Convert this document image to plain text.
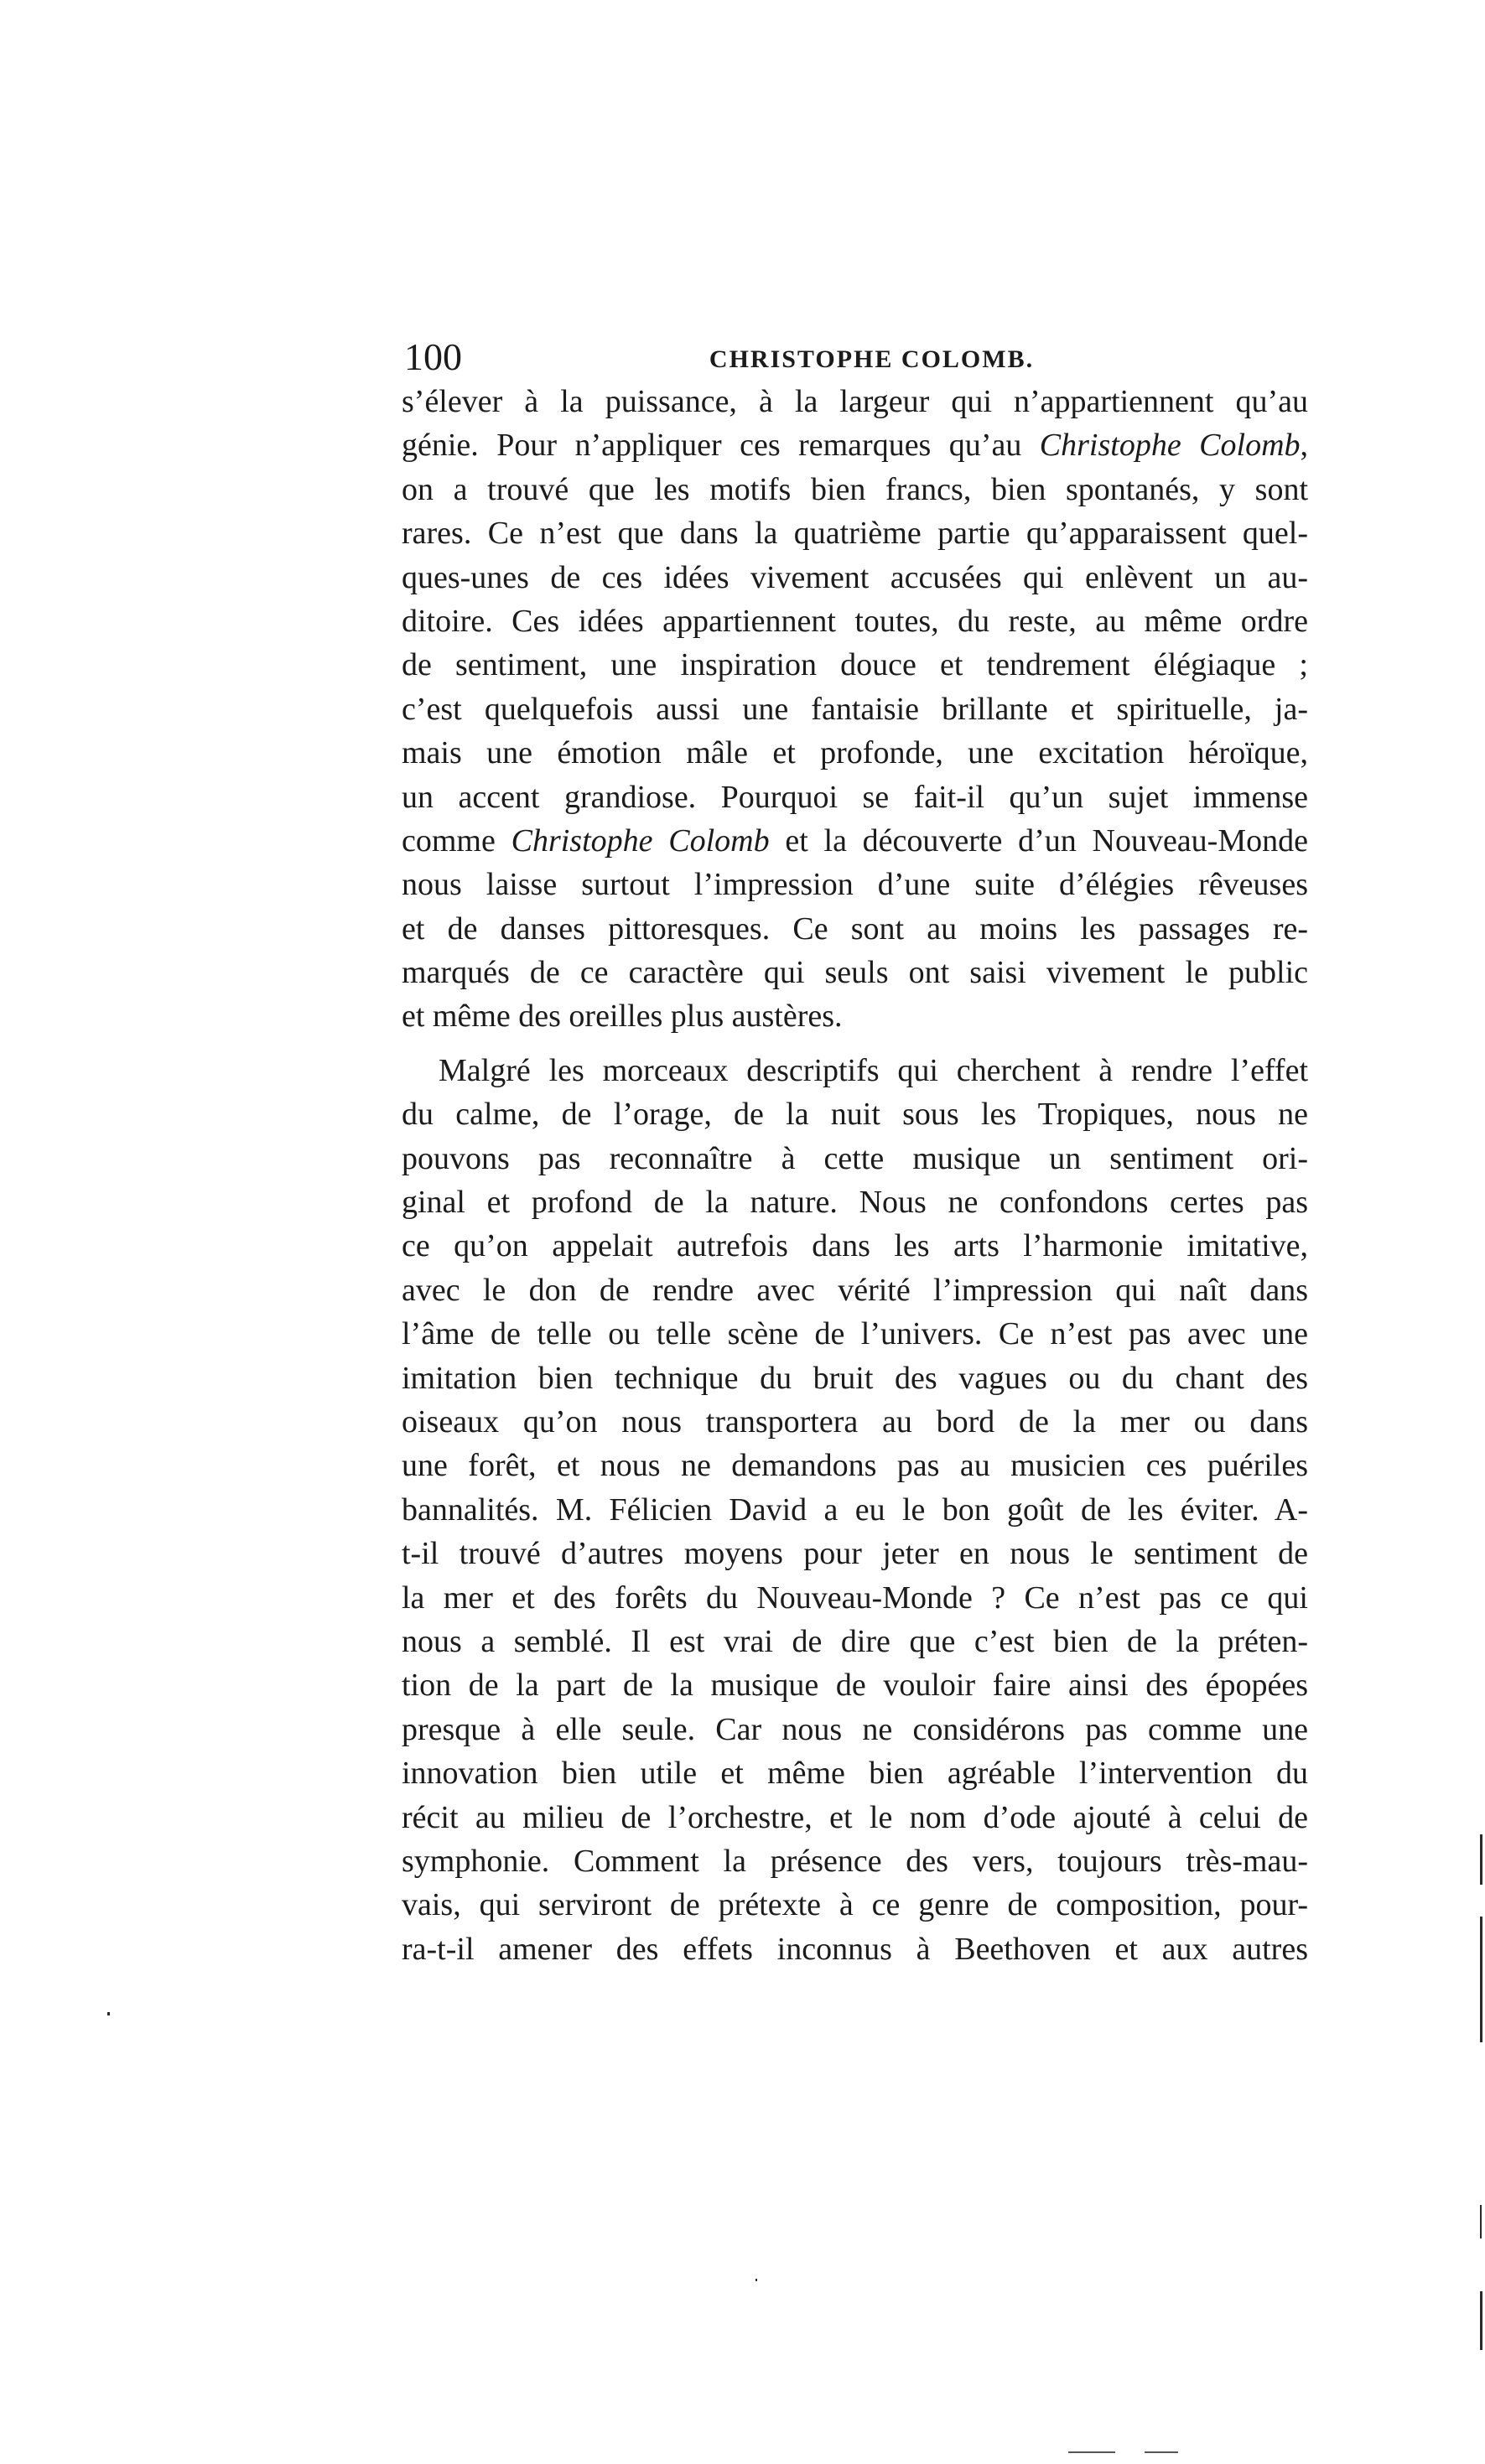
100	CHRISTOPHE COLOMB.
s’élever à la puissance, à la largeur qui n’appartiennent qu’au
génie. Pour n’appliquer ces remarques qu’au Christophe Colomb,
on a trouvé que les motifs bien francs, bien spontanés, y sont
rares. Ce n’est que dans la quatrième partie qu’apparaissent quel-
ques-unes de ces idées vivement accusées qui enlèvent un au-
ditoire. Ces idées appartiennent toutes, du reste, au même ordre
de sentiment, une inspiration douce et tendrement élégiaque ;
c’est quelquefois aussi une fantaisie brillante et spirituelle, ja-
mais une émotion mâle et profonde, une excitation héroïque,
un accent grandiose. Pourquoi se fait-il qu’un sujet immense
comme Christophe Colomb et la découverte d’un Nouveau-Monde
nous laisse surtout l’impression d’une suite d’élégies rêveuses
et de danses pittoresques. Ce sont au moins les passages re-
marqués de ce caractère qui seuls ont saisi vivement le public
et même des oreilles plus austères.
Malgré les morceaux descriptifs qui cherchent à rendre l’effet
du calme, de l’orage, de la nuit sous les Tropiques, nous ne
pouvons pas reconnaître à cette musique un sentiment ori-
ginal et profond de la nature. Nous ne confondons certes pas
ce qu’on appelait autrefois dans les arts l’harmonie imitative,
avec le don de rendre avec vérité l’impression qui naît dans
l’âme de telle ou telle scène de l’univers. Ce n’est pas avec une
imitation bien technique du bruit des vagues ou du chant des
oiseaux qu’on nous transportera au bord de la mer ou dans
une forêt, et nous ne demandons pas au musicien ces puériles
bannalités. M. Félicien David a eu le bon goût de les éviter. A-
t-il trouvé d’autres moyens pour jeter en nous le sentiment de
la mer et des forêts du Nouveau-Monde ? Ce n’est pas ce qui
nous a semblé. Il est vrai de dire que c’est bien de la préten-
tion de la part de la musique de vouloir faire ainsi des épopées
presque à elle seule. Car nous ne considérons pas comme une
innovation bien utile et même bien agréable l’intervention du
récit au milieu de l’orchestre, et le nom d’ode ajouté à celui de
symphonie. Comment la présence des vers, toujours très-mau-
vais, qui serviront de prétexte à ce genre de composition, pour-
ra-t-il amener des effets inconnus à Beethoven et aux autres
